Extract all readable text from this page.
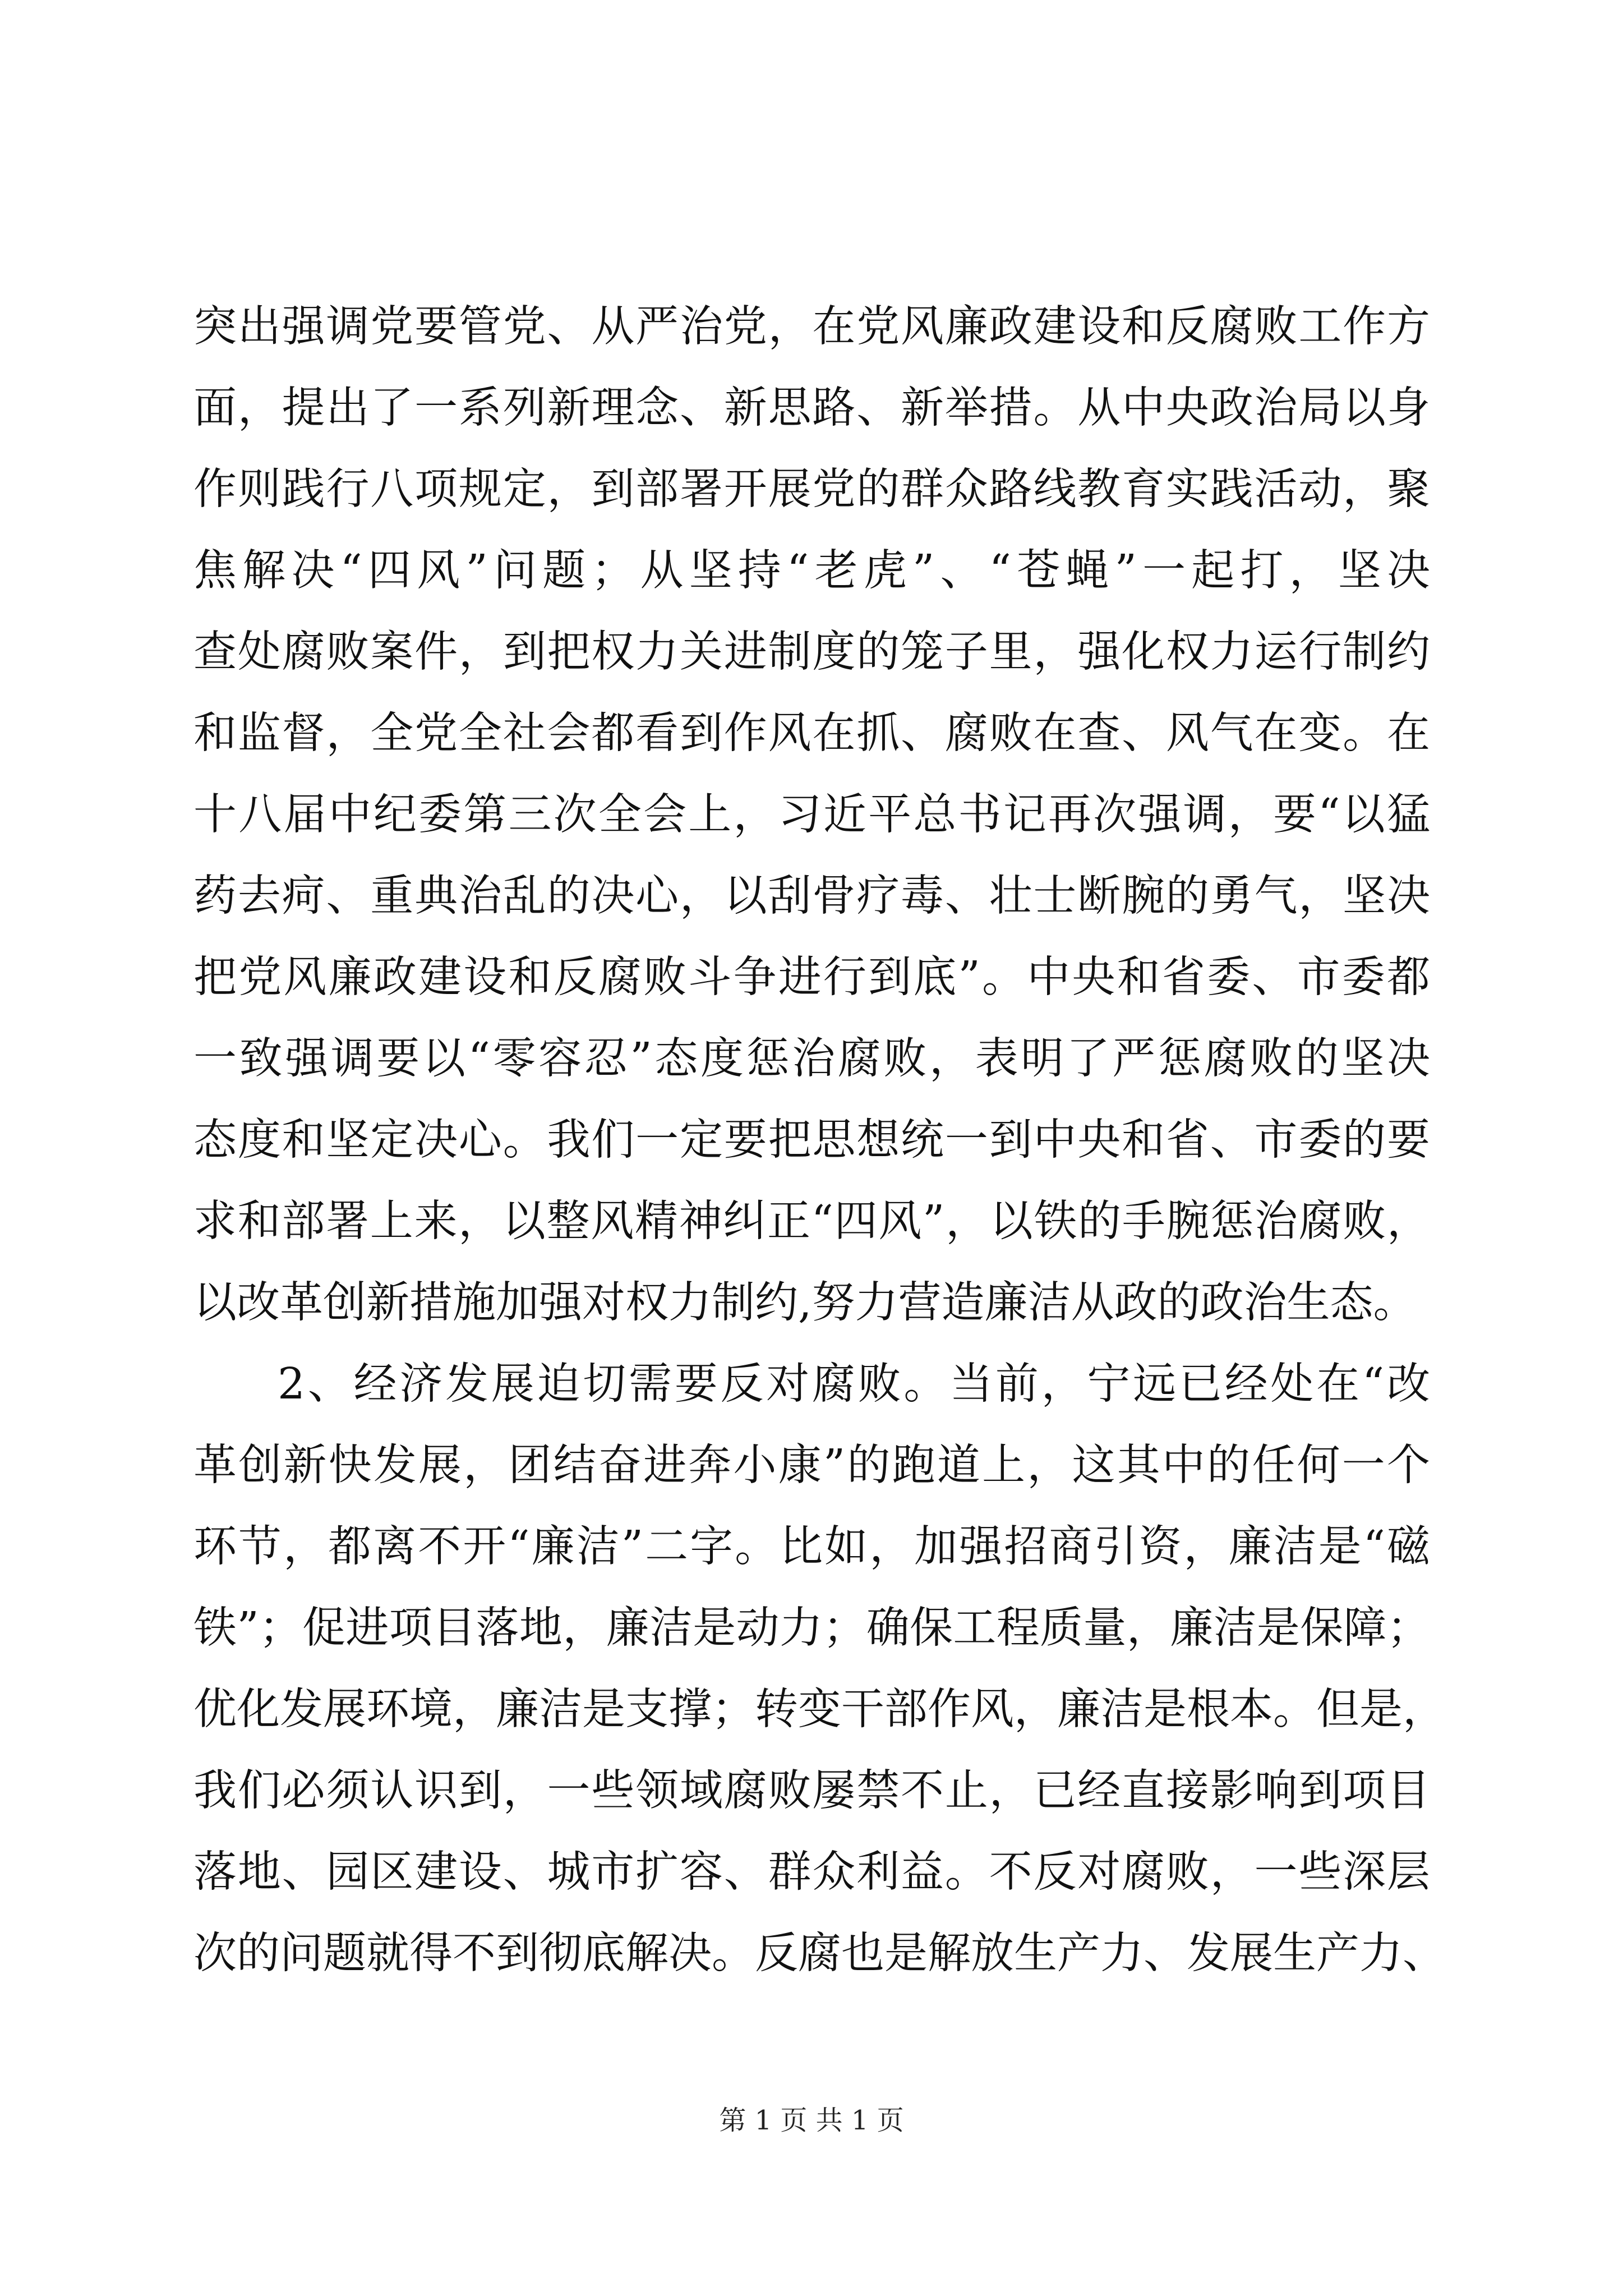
突出强调党要管党、从严治党，在党风廉政建设和反腐败工作方
面，提出了一系列新理念、新思路、新举措。从中央政治局以身
作则践行八项规定，到部署开展党的群众路线教育实践活动，聚
焦解决“四风”问题；从坚持“老虎”、“苍蝇”一起打，坚决
查处腐败案件，到把权力关进制度的笼子里，强化权力运行制约
和监督，全党全社会都看到作风在抓、腐败在查、风气在变。在
十八届中纪委第三次全会上，习近平总书记再次强调，要“以猛
药去疴、重典治乱的决心，以刮骨疗毒、壮士断腕的勇气，坚决
把党风廉政建设和反腐败斗争进行到底”。中央和省委、市委都
一致强调要以“零容忍”态度惩治腐败，表明了严惩腐败的坚决
态度和坚定决心。我们一定要把思想统一到中央和省、市委的要
求和部署上来，以整风精神纠正“四风”，以铁的手腕惩治腐败，
以改革创新措施加强对权力制约,努力营造廉洁从政的政治生态。
2、经济发展迫切需要反对腐败。当前，宁远已经处在“改
革创新快发展，团结奋进奔小康”的跑道上，这其中的任何一个
环节，都离不开“廉洁”二字。比如，加强招商引资，廉洁是“磁
铁”；促进项目落地，廉洁是动力；确保工程质量，廉洁是保障；
优化发展环境，廉洁是支撑；转变干部作风，廉洁是根本。但是，
我们必须认识到，一些领域腐败屡禁不止，已经直接影响到项目
落地、园区建设、城市扩容、群众利益。不反对腐败，一些深层
次的问题就得不到彻底解决。反腐也是解放生产力、发展生产力、
第 1 页 共 1 页
